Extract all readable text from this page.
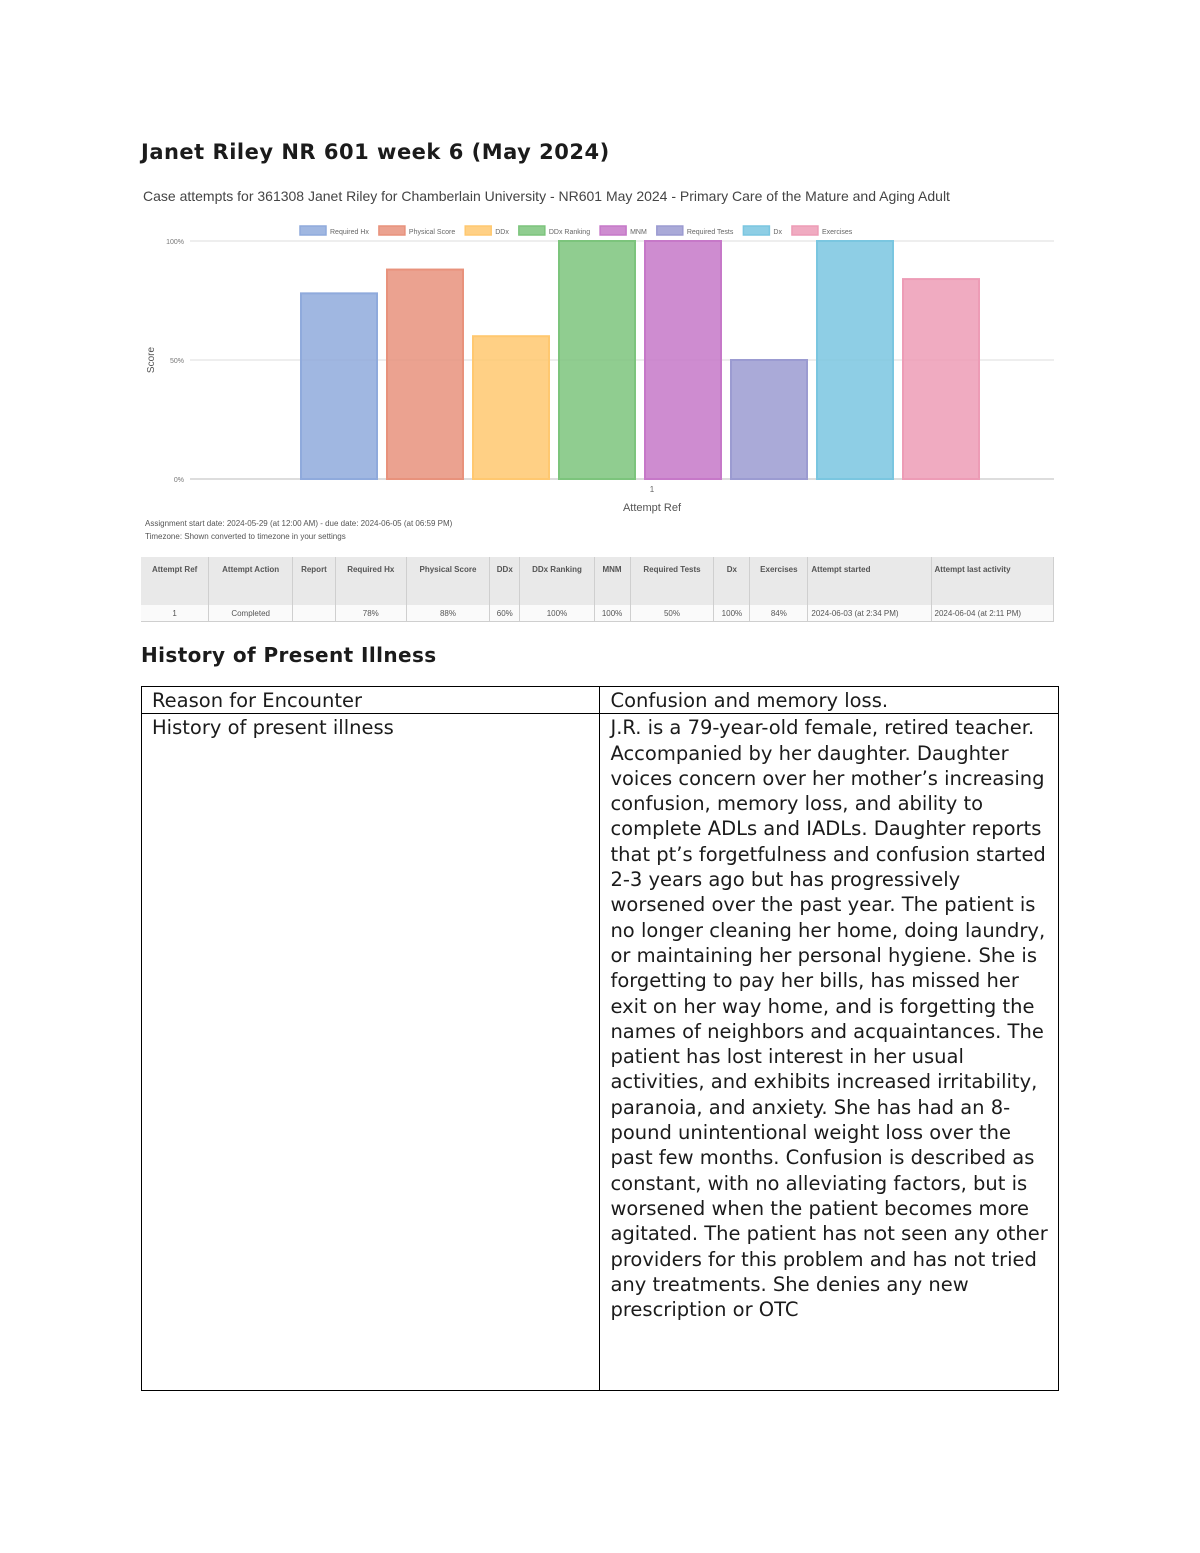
Janet Riley NR 601 week 6 (May 2024)
Case attempts for 361308 Janet Riley for Chamberlain University - NR601 May 2024 - Primary Care of the Mature and Aging Adult
Required Hx	Physical Score	DDx	DDx Ranking	MNM	Required Tests	Dx	Exercises
0%
50%
100%
1
Attempt Ref
Score
Assignment start date: 2024-05-29 (at 12:00 AM) - due date: 2024-06-05 (at 06:59 PM)
Timezone: Shown converted to timezone in your settings
Attempt Ref	Attempt Action	Report	Required Hx	Physical Score	DDx	DDx Ranking	MNM	Required Tests	Dx	Exercises	Attempt started	Attempt last activity
1	Completed		78%	88%	60%	100%	100%	50%	100%	84%	2024-06-03 (at 2:34 PM)	2024-06-04 (at 2:11 PM)
History of Present Illness
Reason for Encounter	Confusion and memory loss.
History of present illness	J.R. is a 79-year-old female, retired teacher. Accompanied by her daughter. Daughter voices concern over her mother’s increasing confusion, memory loss, and ability to complete ADLs and IADLs. Daughter reports that pt’s forgetfulness and confusion started 2-3 years ago but has progressively worsened over the past year. The patient is no longer cleaning her home, doing laundry, or maintaining her personal hygiene. She is forgetting to pay her bills, has missed her exit on her way home, and is forgetting the names of neighbors and acquaintances. The patient has lost interest in her usual activities, and exhibits increased irritability, paranoia, and anxiety. She has had an 8-pound unintentional weight loss over the past few months. Confusion is described as constant, with no alleviating factors, but is worsened when the patient becomes more agitated. The patient has not seen any other providers for this problem and has not tried any treatments. She denies any new prescription or OTC
